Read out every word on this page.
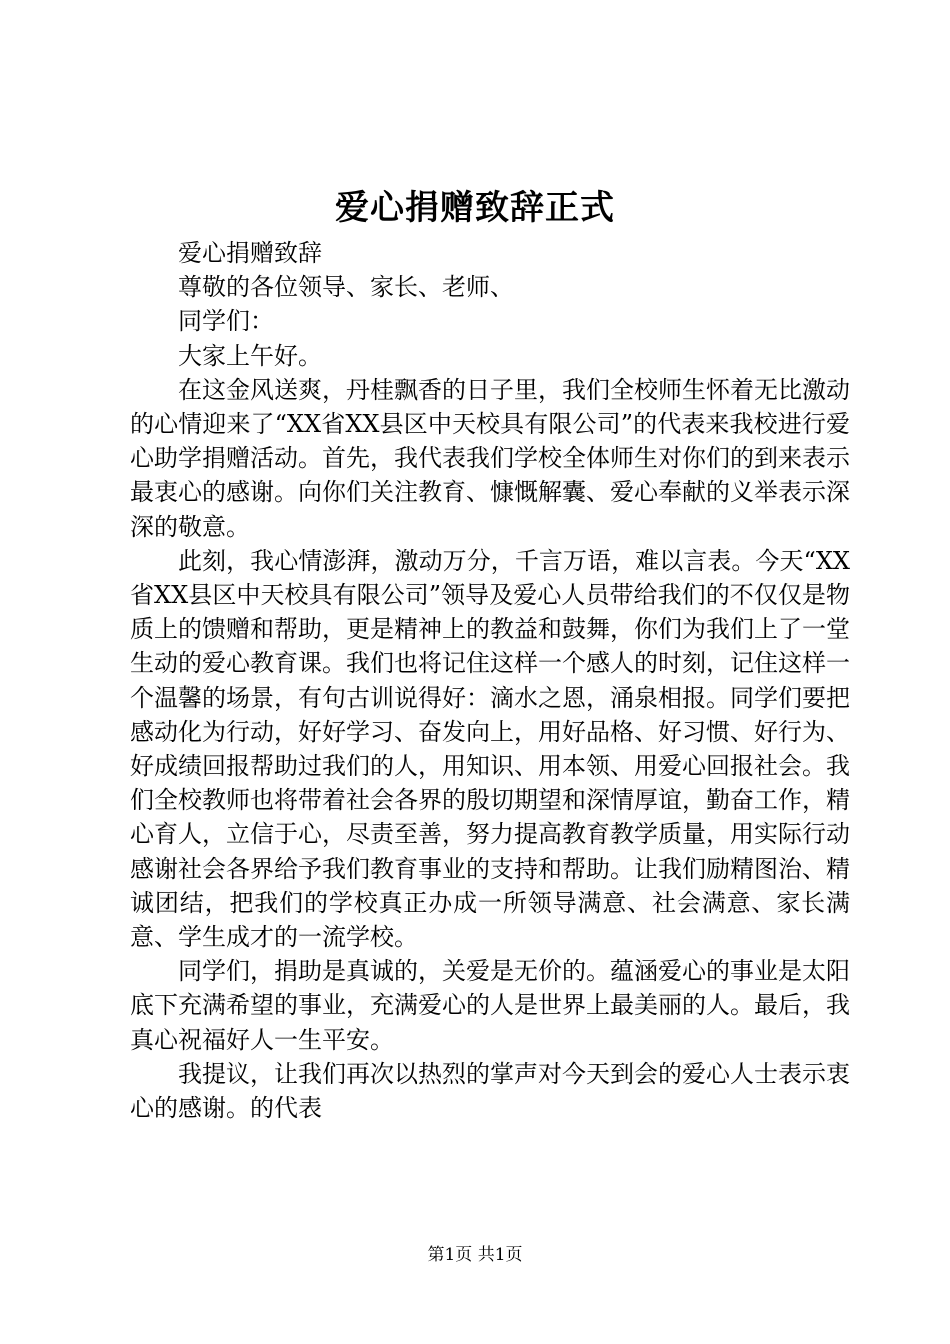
爱心捐赠致辞正式

爱心捐赠致辞

尊敬的各位领导、家长、老师、

同学们：

大家上午好。

在这金风送爽，丹桂飘香的日子里，我们全校师生怀着无比激动的心情迎来了“XX省XX县区中天校具有限公司”的代表来我校进行爱心助学捐赠活动。首先，我代表我们学校全体师生对你们的到来表示最衷心的感谢。向你们关注教育、慷慨解囊、爱心奉献的义举表示深深的敬意。

此刻，我心情澎湃，激动万分，千言万语，难以言表。今天“XX省XX县区中天校具有限公司”领导及爱心人员带给我们的不仅仅是物质上的馈赠和帮助，更是精神上的教益和鼓舞，你们为我们上了一堂生动的爱心教育课。我们也将记住这样一个感人的时刻，记住这样一个温馨的场景，有句古训说得好：滴水之恩，涌泉相报。同学们要把感动化为行动，好好学习、奋发向上，用好品格、好习惯、好行为、好成绩回报帮助过我们的人，用知识、用本领、用爱心回报社会。我们全校教师也将带着社会各界的殷切期望和深情厚谊，勤奋工作，精心育人，立信于心，尽责至善，努力提高教育教学质量，用实际行动感谢社会各界给予我们教育事业的支持和帮助。让我们励精图治、精诚团结，把我们的学校真正办成一所领导满意、社会满意、家长满意、学生成才的一流学校。

同学们，捐助是真诚的，关爱是无价的。蕴涵爱心的事业是太阳底下充满希望的事业，充满爱心的人是世界上最美丽的人。最后，我真心祝福好人一生平安。

我提议，让我们再次以热烈的掌声对今天到会的爱心人士表示衷心的感谢。的代表

第1页 共1页
